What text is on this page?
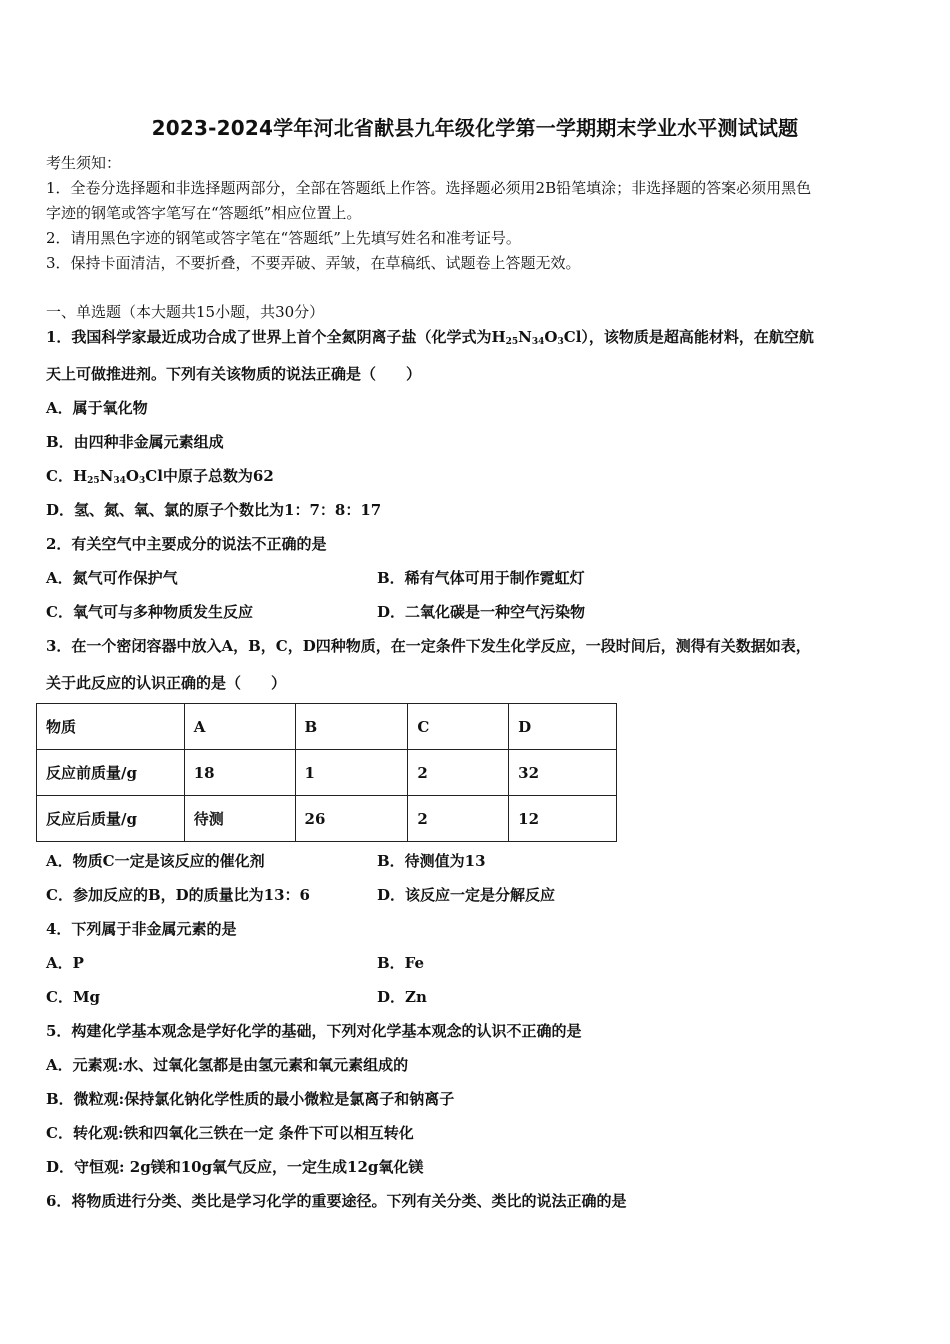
2023-2024学年河北省献县九年级化学第一学期期末学业水平测试试题
考生须知：
1．全卷分选择题和非选择题两部分，全部在答题纸上作答。选择题必须用2B铅笔填涂；非选择题的答案必须用黑色
字迹的钢笔或答字笔写在“答题纸”相应位置上。
2．请用黑色字迹的钢笔或答字笔在“答题纸”上先填写姓名和准考证号。
3．保持卡面清洁，不要折叠，不要弄破、弄皱，在草稿纸、试题卷上答题无效。
一、单选题（本大题共15小题，共30分）
1．我国科学家最近成功合成了世界上首个全氮阴离子盐（化学式为$H_{25}N_{34}O_3Cl$），该物质是超高能材料，在航空航
天上可做推进剂。下列有关该物质的说法正确是（　　）
A．属于氧化物
B．由四种非金属元素组成
C．$H_{25}N_{34}O_3Cl$中原子总数为62
D．氢、氮、氧、氯的原子个数比为1：7：8：17
2．有关空气中主要成分的说法不正确的是
A．氮气可作保护气	B．稀有气体可用于制作霓虹灯
C．氧气可与多种物质发生反应	D．二氧化碳是一种空气污染物
3．在一个密闭容器中放入A，B，C，D四种物质，在一定条件下发生化学反应，一段时间后，测得有关数据如表，
关于此反应的认识正确的是（　　）
物质	A	B	C	D
反应前质量/g	18	1	2	32
反应后质量/g	待测	26	2	12
A．物质C一定是该反应的催化剂	B．待测值为13
C．参加反应的B，D的质量比为13：6	D．该反应一定是分解反应
4．下列属于非金属元素的是
A．P	B．Fe
C．Mg	D．Zn
5．构建化学基本观念是学好化学的基础，下列对化学基本观念的认识不正确的是
A．元素观:水、过氧化氢都是由氢元素和氧元素组成的
B．微粒观:保持氯化钠化学性质的最小微粒是氯离子和钠离子
C．转化观:铁和四氧化三铁在一定 条件下可以相互转化
D．守恒观: 2g镁和10g氧气反应，一定生成12g氧化镁
6．将物质进行分类、类比是学习化学的重要途径。下列有关分类、类比的说法正确的是
